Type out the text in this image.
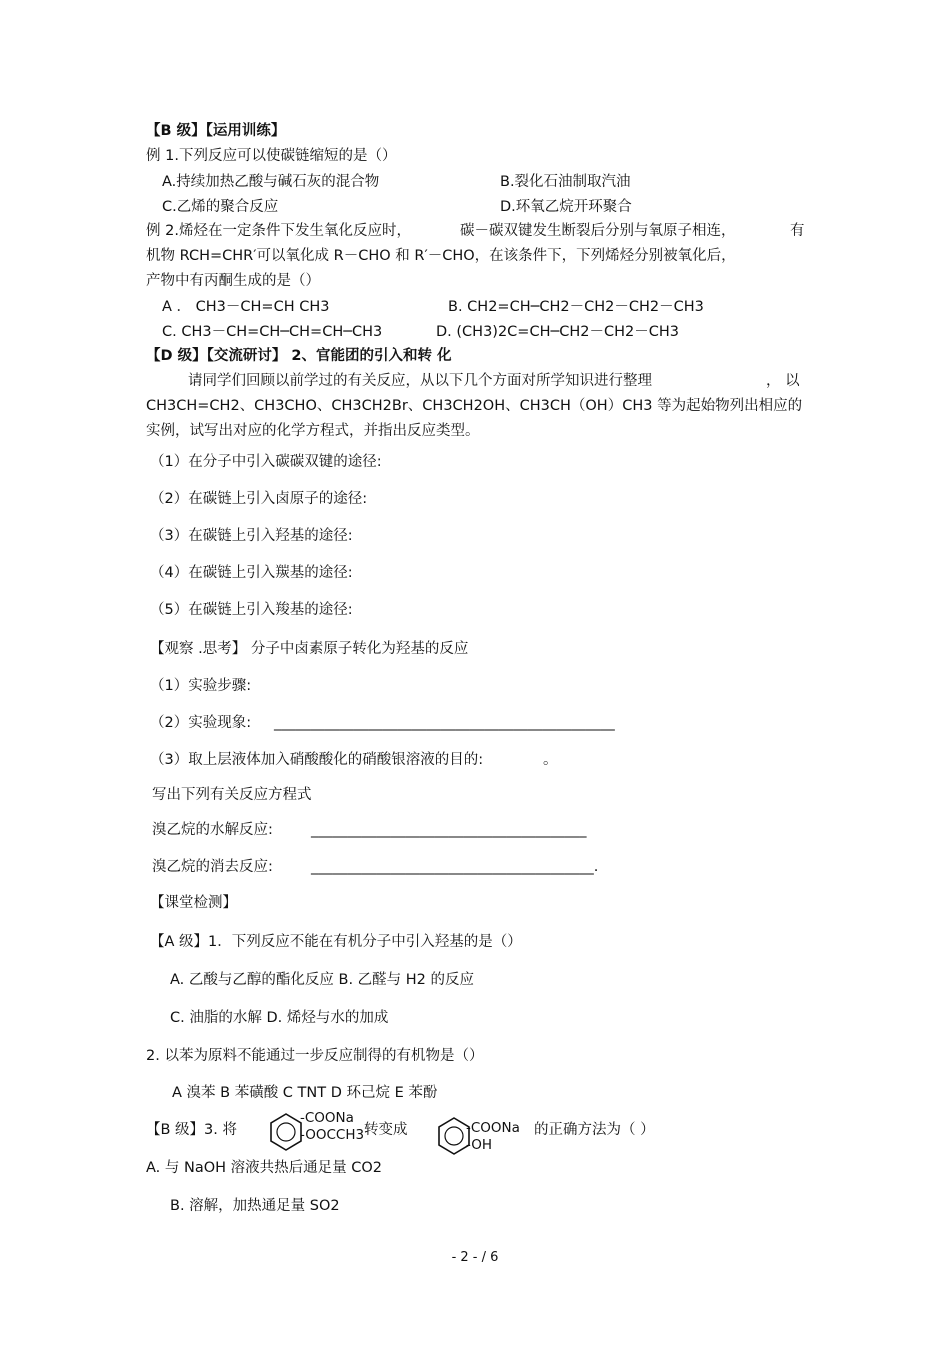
【B 级】【运用训练】
例 1.下列反应可以使碳链缩短的是（）
A.持续加热乙酸与碱石灰的混合物	B.裂化石油制取汽油
C.乙烯的聚合反应	D.环氧乙烷开环聚合
例 2.烯烃在一定条件下发生氧化反应时，	碳－碳双键发生断裂后分别与氧原子相连，	有
机物 RCH=CHR′可以氧化成 R－CHO 和 R′－CHO，在该条件下，下列烯烃分别被氧化后，
产物中有丙酮生成的是（）
A ． CH3－CH=CH CH3	B. CH2=CH─CH2－CH2－CH2－CH3
C. CH3－CH=CH─CH=CH─CH3	D. (CH3)2C=CH─CH2－CH2－CH3
【D 级】【交流研讨】 2、官能团的引入和转 化
请同学们回顾以前学过的有关反应，从以下几个方面对所学知识进行整理	， 以
CH3CH=CH2、CH3CHO、CH3CH2Br、CH3CH2OH、CH3CH（OH）CH3 等为起始物列出相应的
实例，试写出对应的化学方程式，并指出反应类型。
（1）在分子中引入碳碳双键的途径:
（2）在碳链上引入卤原子的途径:
（3）在碳链上引入羟基的途径:
（4）在碳链上引入羰基的途径:
（5）在碳链上引入羧基的途径:
【观察 .思考】 分子中卤素原子转化为羟基的反应
（1）实验步骤:
（2）实验现象: _______________________________________________
（3）取上层液体加入硝酸酸化的硝酸银溶液的目的:	。
写出下列有关反应方程式
溴乙烷的水解反应:	______________________________________
溴乙烷的消去反应:	_______________________________________.
【课堂检测】
【A 级】1．下列反应不能在有机分子中引入羟基的是（）
A. 乙酸与乙醇的酯化反应 B. 乙醛与 H2 的反应
C. 油脂的水解 D. 烯烃与水的加成
2. 以苯为原料不能通过一步反应制得的有机物是（）
A 溴苯 B 苯磺酸 C TNT D 环己烷 E 苯酚
【B 级】3. 将
-COONa
-OOCCH3 转变成	-COONa
-OH
的正确方法为（ ）
A. 与 NaOH 溶液共热后通足量 CO2
B. 溶解，加热通足量 SO2
- 2 - / 6
